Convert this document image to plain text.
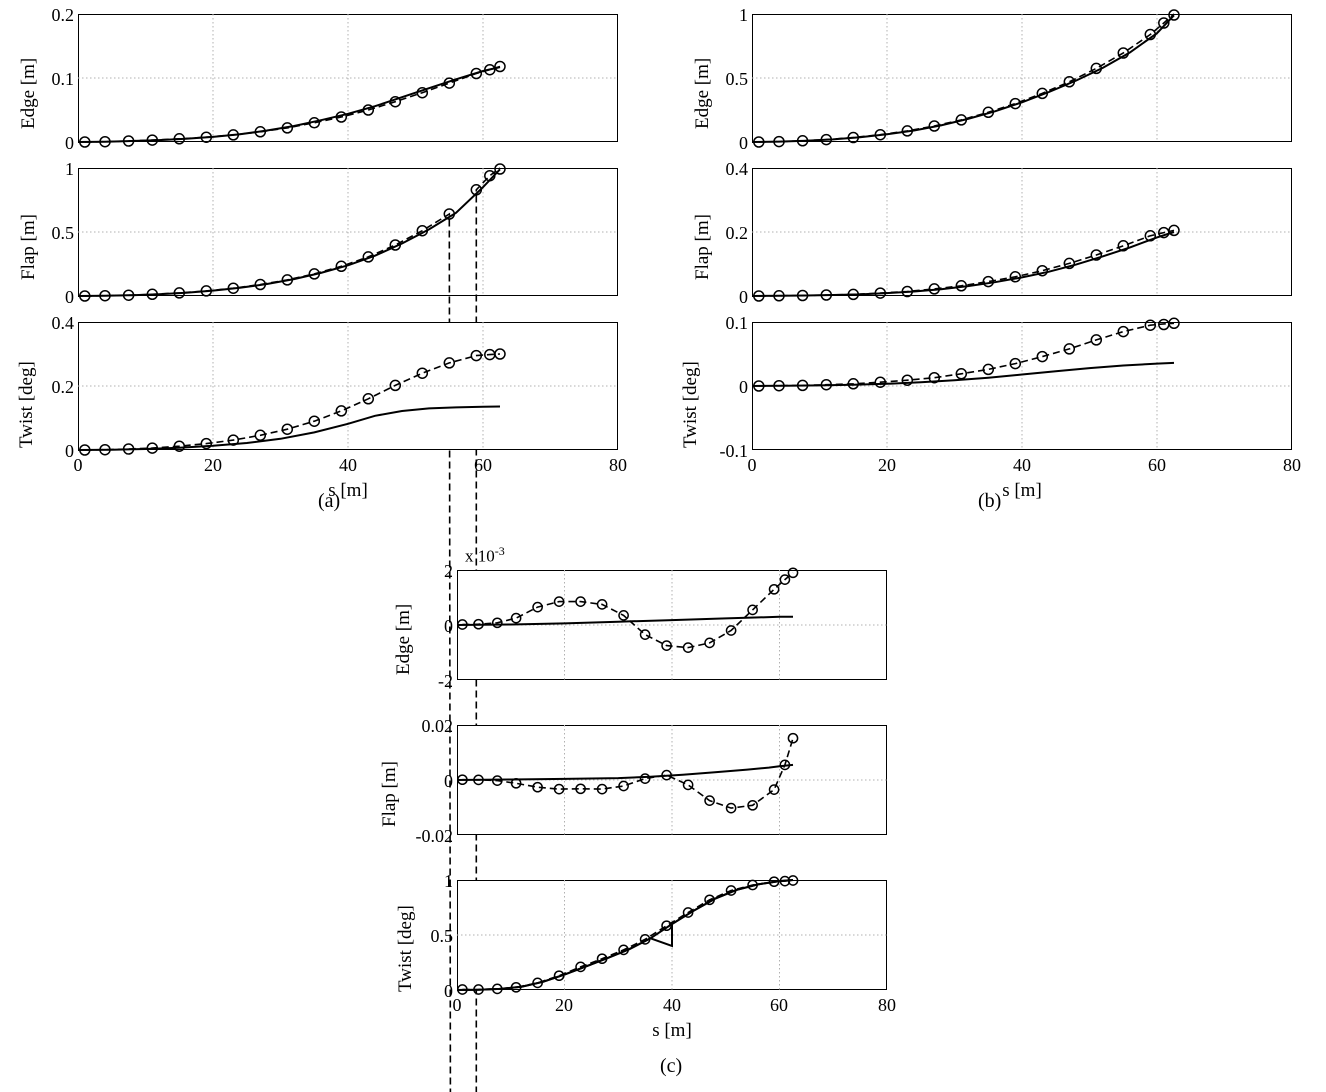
0.2
0.1
0
Edge [m]
1
0.5
0
Flap [m]
0.4
0.2
0
Twist [deg]
0	20	40	60	80
s [m]
(a)
1
0.5
0
Edge [m]
0.4
0.2
0
Flap [m]
0.1
0
-0.1
Twist [deg]
0	20	40	60	80
s [m]
(b)
x $10^{-3}$
2
0
-2
Edge [m]
0.02
0
-0.02
Flap [m]
1
0.5
0
Twist [deg]
0	20	40	60	80
s [m]
(c)
